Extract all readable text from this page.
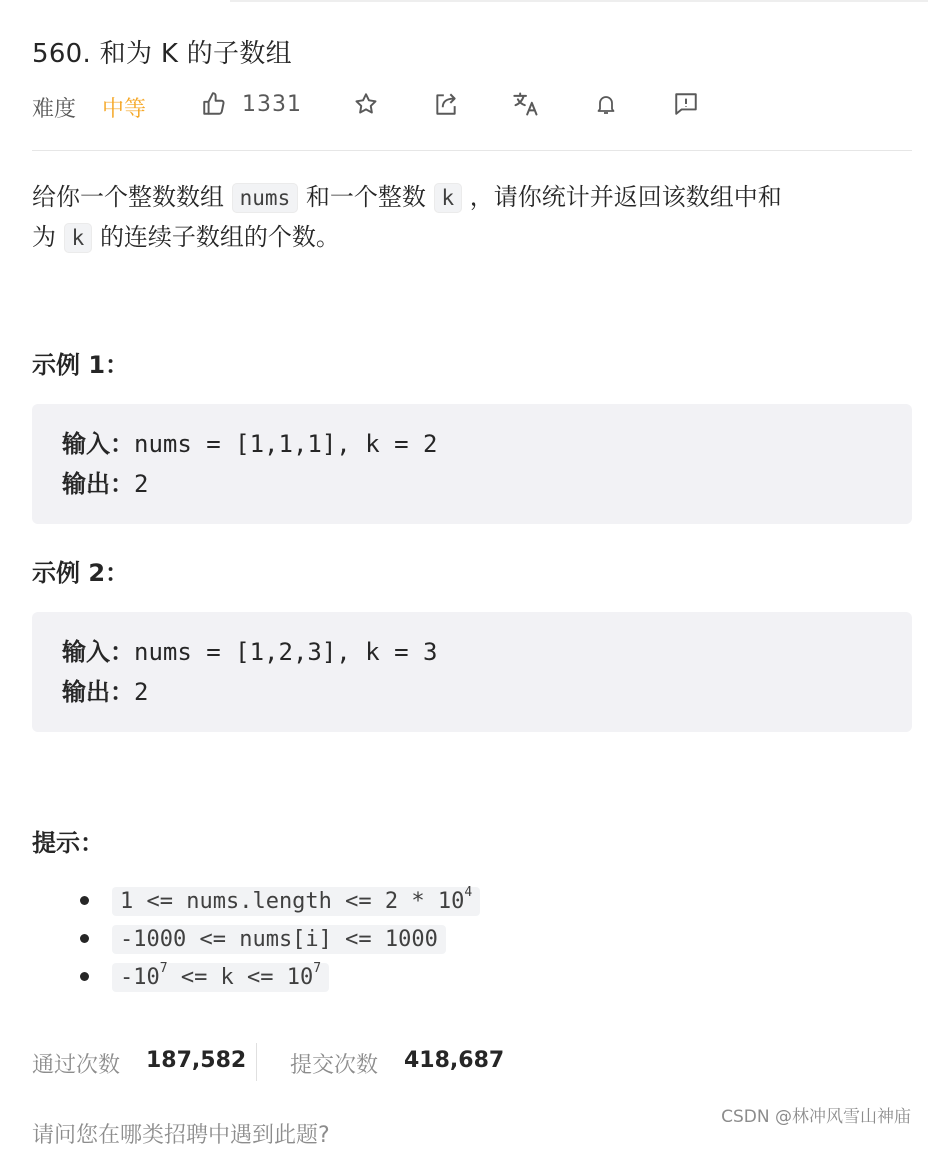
560. 和为 K 的子数组
难度 中等	1331
给你一个整数数组 nums 和一个整数 k ，请你统计并返回该数组中和
为 k 的连续子数组的个数。
示例 1：
输入：nums = [1,1,1], k = 2
输出：2
示例 2：
输入：nums = [1,2,3], k = 3
输出：2
提示：
1 <= nums.length <= $2 * 10^4$
-1000 <= nums[i] <= 1000
$-10^7 <= k <= 10^7$
通过次数 187,582 提交次数 418,687
请问您在哪类招聘中遇到此题?
CSDN @林冲风雪山神庙
